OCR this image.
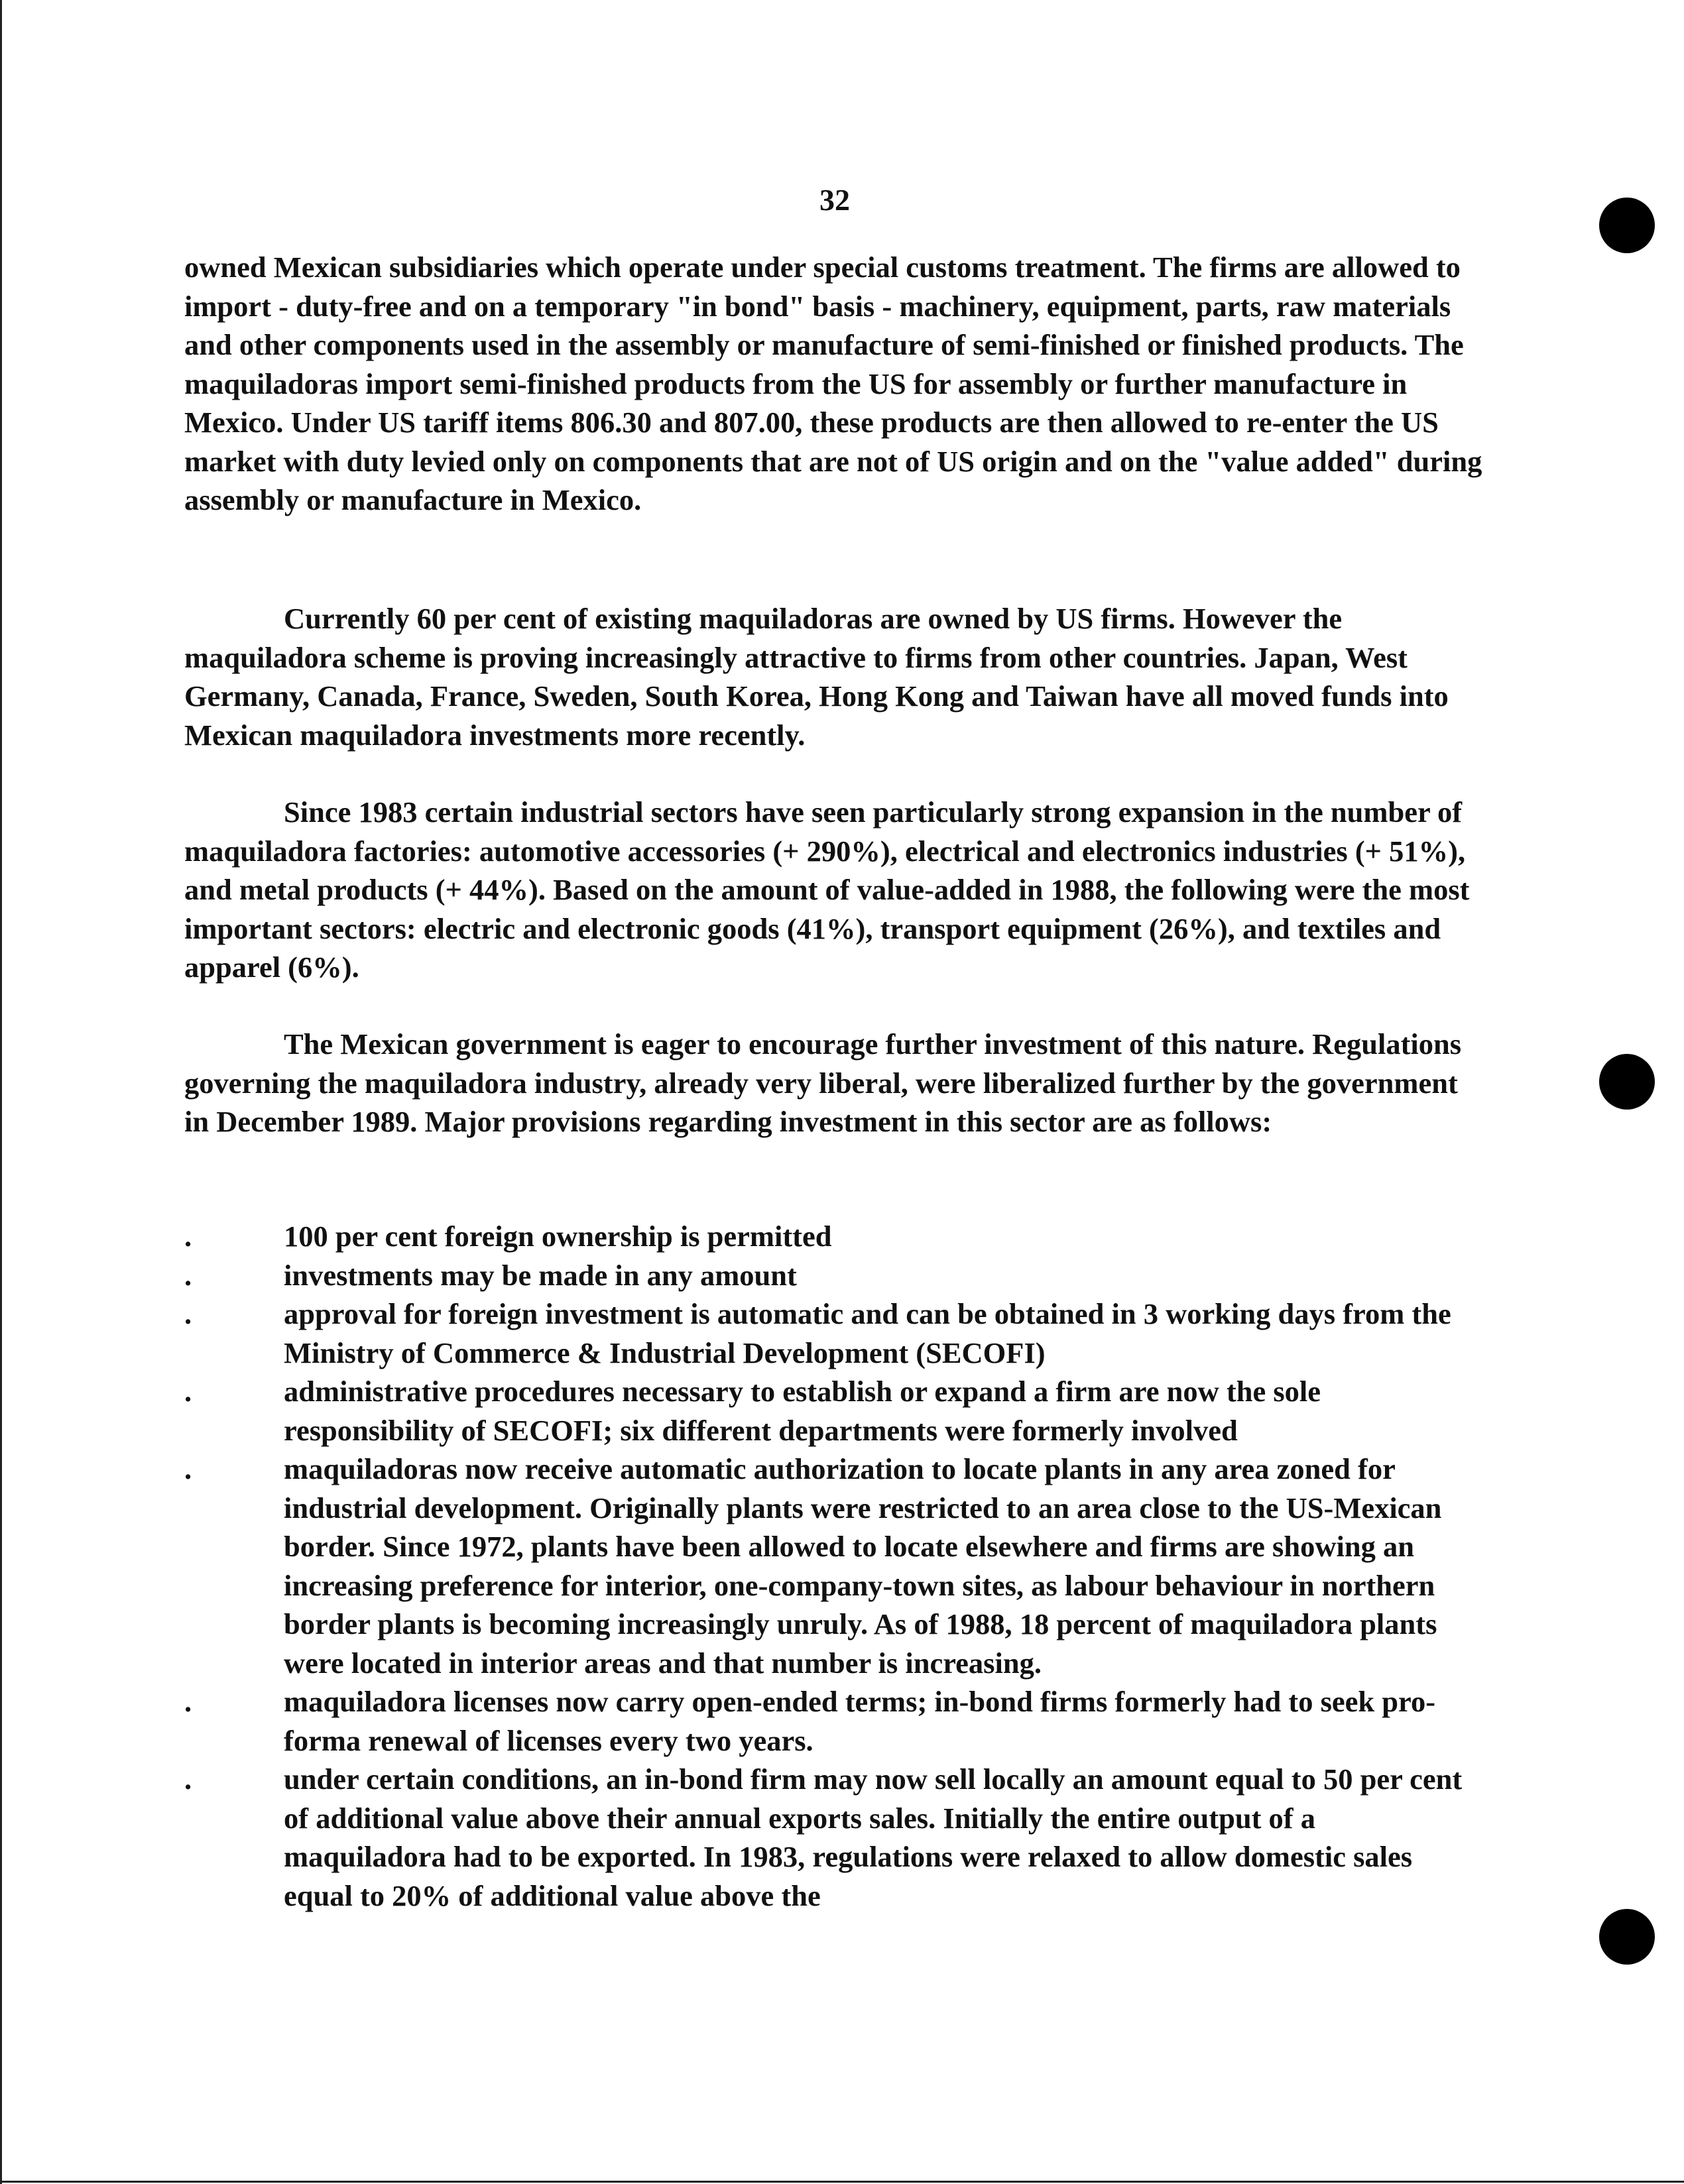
32

owned Mexican subsidiaries which operate under special customs treatment. The firms are allowed to import - duty-free and on a temporary "in bond" basis - machinery, equipment, parts, raw materials and other components used in the assembly or manufacture of semi-finished or finished products. The maquiladoras import semi-finished products from the US for assembly or further manufacture in Mexico. Under US tariff items 806.30 and 807.00, these products are then allowed to re-enter the US market with duty levied only on components that are not of US origin and on the "value added" during assembly or manufacture in Mexico.

Currently 60 per cent of existing maquiladoras are owned by US firms. However the maquiladora scheme is proving increasingly attractive to firms from other countries. Japan, West Germany, Canada, France, Sweden, South Korea, Hong Kong and Taiwan have all moved funds into Mexican maquiladora investments more recently.

Since 1983 certain industrial sectors have seen particularly strong expansion in the number of maquiladora factories: automotive accessories (+ 290%), electrical and electronics industries (+ 51%), and metal products (+ 44%). Based on the amount of value-added in 1988, the following were the most important sectors: electric and electronic goods (41%), transport equipment (26%), and textiles and apparel (6%).

The Mexican government is eager to encourage further investment of this nature. Regulations governing the maquiladora industry, already very liberal, were liberalized further by the government in December 1989. Major provisions regarding investment in this sector are as follows:

.	100 per cent foreign ownership is permitted
.	investments may be made in any amount
.	approval for foreign investment is automatic and can be obtained in 3 working days from the Ministry of Commerce & Industrial Development (SECOFI)
.	administrative procedures necessary to establish or expand a firm are now the sole responsibility of SECOFI; six different departments were formerly involved
.	maquiladoras now receive automatic authorization to locate plants in any area zoned for industrial development. Originally plants were restricted to an area close to the US-Mexican border. Since 1972, plants have been allowed to locate elsewhere and firms are showing an increasing preference for interior, one-company-town sites, as labour behaviour in northern border plants is becoming increasingly unruly. As of 1988, 18 percent of maquiladora plants were located in interior areas and that number is increasing.
.	maquiladora licenses now carry open-ended terms; in-bond firms formerly had to seek pro-forma renewal of licenses every two years.
.	under certain conditions, an in-bond firm may now sell locally an amount equal to 50 per cent of additional value above their annual exports sales. Initially the entire output of a maquiladora had to be exported. In 1983, regulations were relaxed to allow domestic sales equal to 20% of additional value above the
